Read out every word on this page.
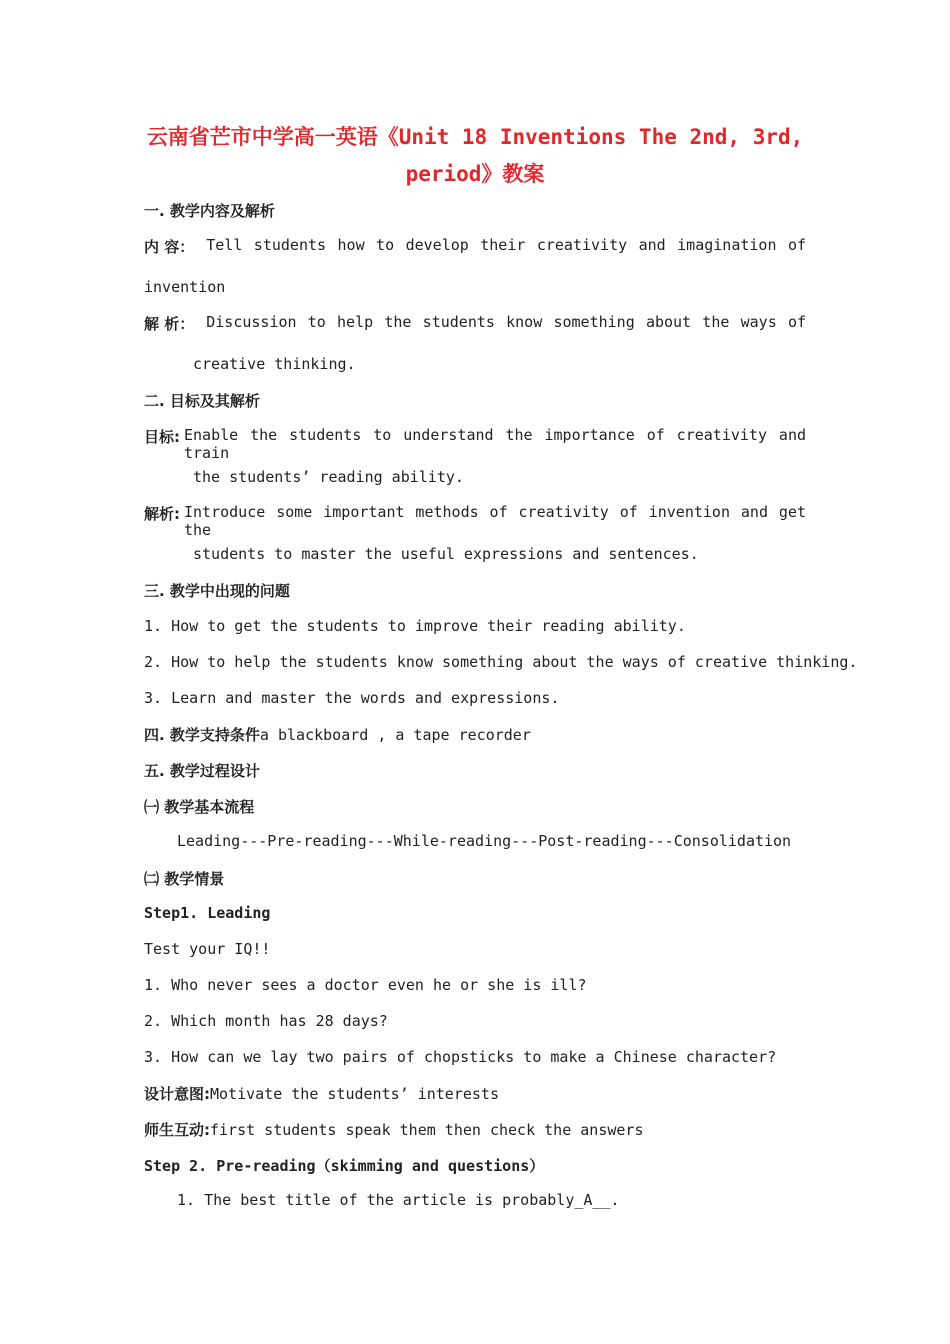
云南省芒市中学高一英语《Unit 18 Inventions The 2nd, 3rd,
period》教案
一. 教学内容及解析
内 容： Tell students how to develop their creativity and imagination of
invention
解 析： Discussion to help the students know something about the ways of
creative thinking.
二. 目标及其解析
目标: Enable the students to understand the importance of creativity and train
the students’ reading ability.
解析: Introduce some important methods of creativity of invention and get the
students to master the useful expressions and sentences.
三. 教学中出现的问题
1. How to get the students to improve their reading ability.
2. How to help the students know something about the ways of creative thinking.
3. Learn and master the words and expressions.
四. 教学支持条件a blackboard , a tape recorder
五. 教学过程设计
㈠ 教学基本流程
Leading---Pre-reading---While-reading---Post-reading---Consolidation
㈡ 教学情景
Step1. Leading
Test your IQ!!
1. Who never sees a doctor even he or she is ill?
2. Which month has 28 days?
3. How can we lay two pairs of chopsticks to make a Chinese character?
设计意图:Motivate the students’ interests
师生互动:first students speak them then check the answers
Step 2. Pre-reading（skimming and questions）
1. The best title of the article is probably_A__.
